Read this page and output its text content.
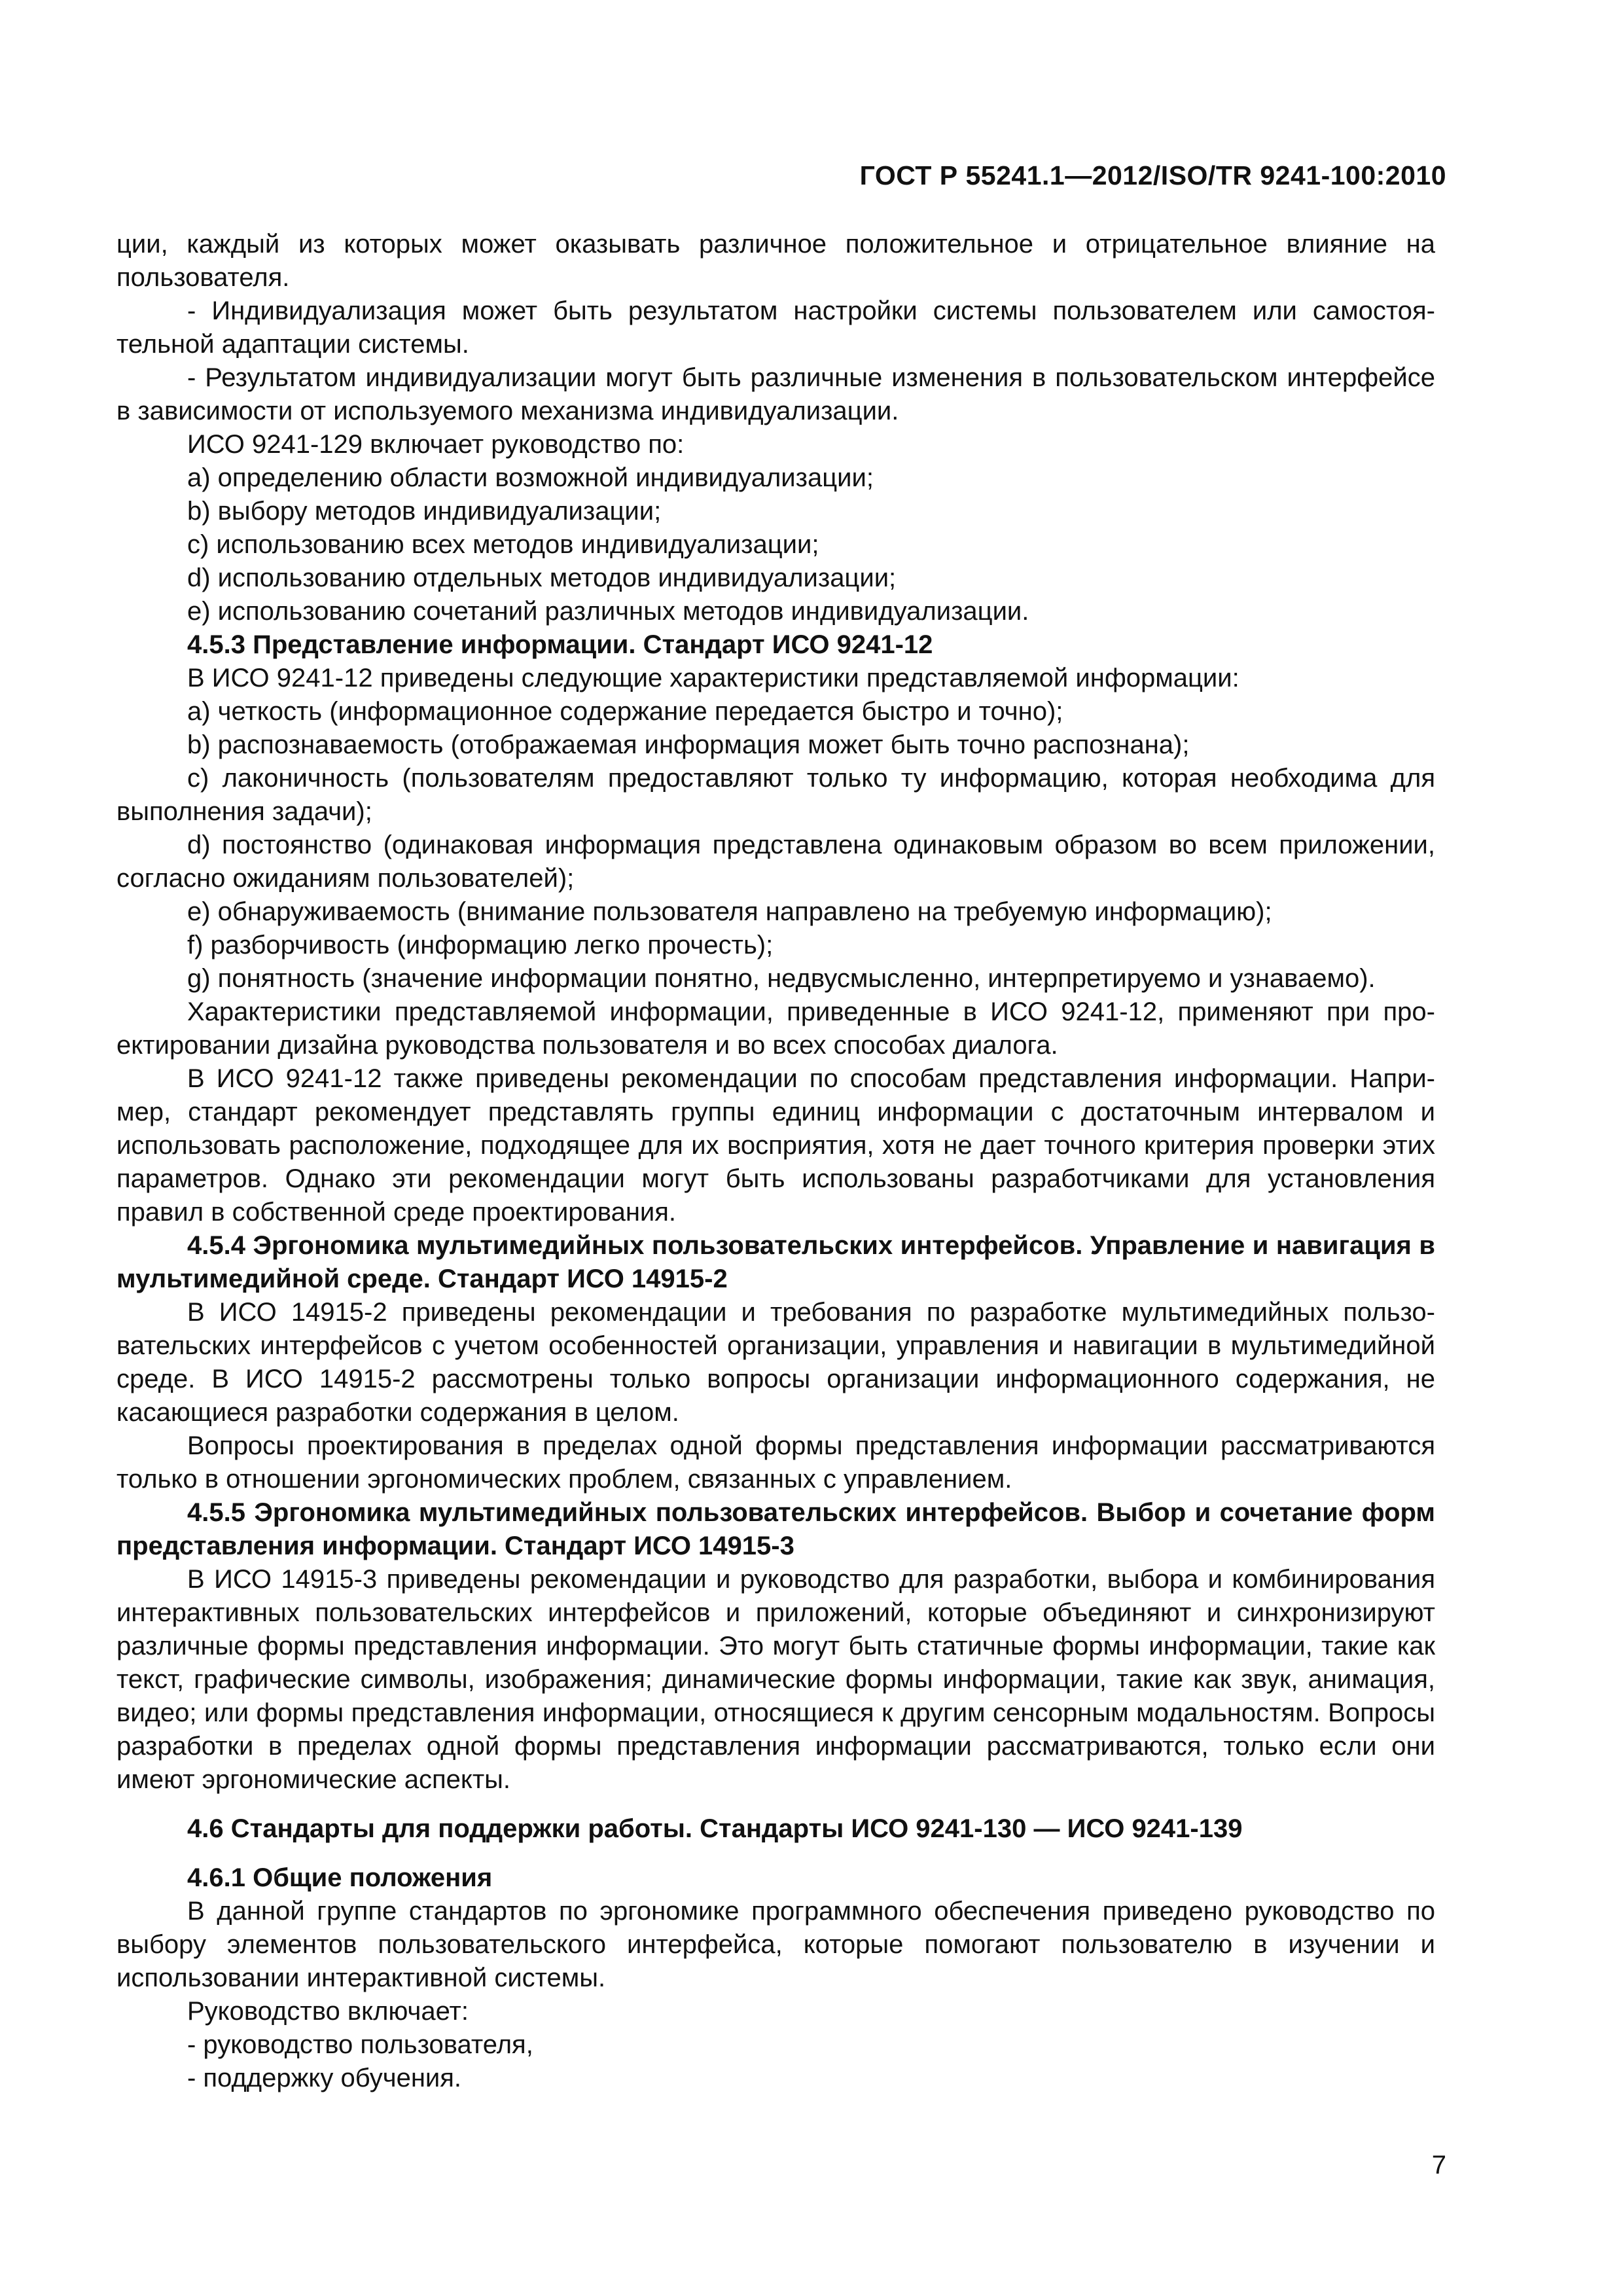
ГОСТ Р 55241.1—2012/ISO/TR 9241-100:2010

ции, каждый из которых может оказывать различное положительное и отрицательное влияние на пользователя.

- Индивидуализация может быть результатом настройки системы пользователем или самостоятельной адаптации системы.

- Результатом индивидуализации могут быть различные изменения в пользовательском интерфейсе в зависимости от используемого механизма индивидуализации.

ИСО 9241-129 включает руководство по:

а) определению области возможной индивидуализации;

b) выбору методов индивидуализации;

с) использованию всех методов индивидуализации;

d) использованию отдельных методов индивидуализации;

е) использованию сочетаний различных методов индивидуализации.

4.5.3 Представление информации. Стандарт ИСО 9241-12

В ИСО 9241-12 приведены следующие характеристики представляемой информации:

а) четкость (информационное содержание передается быстро и точно);

b) распознаваемость (отображаемая информация может быть точно распознана);

с) лаконичность (пользователям предоставляют только ту информацию, которая необходима для выполнения задачи);

d) постоянство (одинаковая информация представлена одинаковым образом во всем приложении, согласно ожиданиям пользователей);

е) обнаруживаемость (внимание пользователя направлено на требуемую информацию);

f) разборчивость (информацию легко прочесть);

g) понятность (значение информации понятно, недвусмысленно, интерпретируемо и узнаваемо).

Характеристики представляемой информации, приведенные в ИСО 9241-12, применяют при проектировании дизайна руководства пользователя и во всех способах диалога.

В ИСО 9241-12 также приведены рекомендации по способам представления информации. Например, стандарт рекомендует представлять группы единиц информации с достаточным интервалом и использовать расположение, подходящее для их восприятия, хотя не дает точного критерия проверки этих параметров. Однако эти рекомендации могут быть использованы разработчиками для установления правил в собственной среде проектирования.

4.5.4 Эргономика мультимедийных пользовательских интерфейсов. Управление и навигация в мультимедийной среде. Стандарт ИСО 14915-2

В ИСО 14915-2 приведены рекомендации и требования по разработке мультимедийных пользовательских интерфейсов с учетом особенностей организации, управления и навигации в мультимедийной среде. В ИСО 14915-2 рассмотрены только вопросы организации информационного содержания, не касающиеся разработки содержания в целом.

Вопросы проектирования в пределах одной формы представления информации рассматриваются только в отношении эргономических проблем, связанных с управлением.

4.5.5 Эргономика мультимедийных пользовательских интерфейсов. Выбор и сочетание форм представления информации. Стандарт ИСО 14915-3

В ИСО 14915-3 приведены рекомендации и руководство для разработки, выбора и комбинирования интерактивных пользовательских интерфейсов и приложений, которые объединяют и синхронизируют различные формы представления информации. Это могут быть статичные формы информации, такие как текст, графические символы, изображения; динамические формы информации, такие как звук, анимация, видео; или формы представления информации, относящиеся к другим сенсорным модальностям. Вопросы разработки в пределах одной формы представления информации рассматриваются, только если они имеют эргономические аспекты.

4.6 Стандарты для поддержки работы. Стандарты ИСО 9241-130 — ИСО 9241-139

4.6.1 Общие положения

В данной группе стандартов по эргономике программного обеспечения приведено руководство по выбору элементов пользовательского интерфейса, которые помогают пользователю в изучении и использовании интерактивной системы.

Руководство включает:

- руководство пользователя,

- поддержку обучения.

7
